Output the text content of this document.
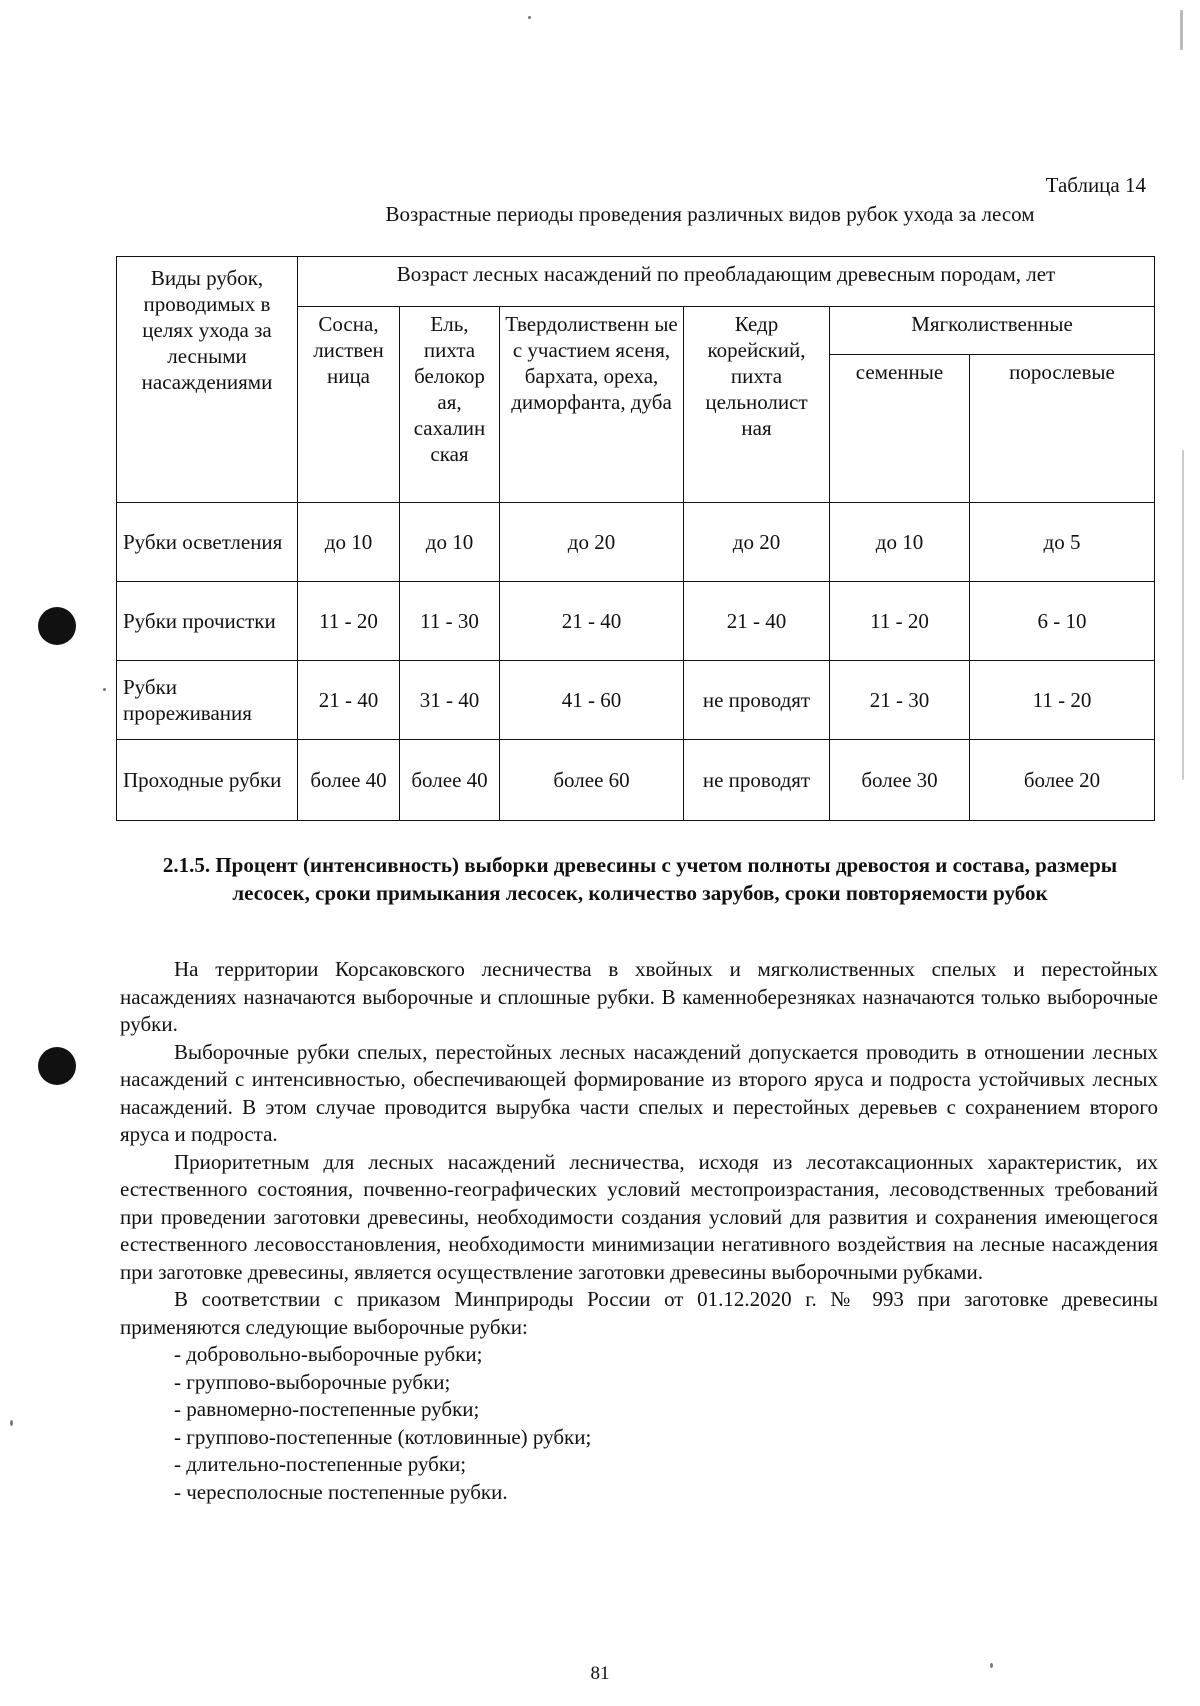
Таблица 14
Возрастные периоды проведения различных видов рубок ухода за лесом
Виды рубок, проводимых в целях ухода за лесными насаждениями	Возраст лесных насаждений по преобладающим древесным породам, лет					
	Сосна, листвен ница	Ель, пихта белокор ая, сахалин ская	Твердолиственн ые с участием ясеня, бархата, ореха, диморфанта, дуба	Кедр корейский, пихта цельнолист ная	Мягколиственные	
					семенные	порослевые
Рубки осветления	до 10	до 10	до 20	до 20	до 10	до 5
Рубки прочистки	11 - 20	11 - 30	21 - 40	21 - 40	11 - 20	6 - 10
Рубки прореживания	21 - 40	31 - 40	41 - 60	не проводят	21 - 30	11 - 20
Проходные рубки	более 40	более 40	более 60	не проводят	более 30	более 20
2.1.5. Процент (интенсивность) выборки древесины с учетом полноты древостоя и состава, размеры лесосек, сроки примыкания лесосек, количество зарубов, сроки повторяемости рубок

На территории Корсаковского лесничества в хвойных и мягколиственных спелых и перестойных насаждениях назначаются выборочные и сплошные рубки. В каменноберезняках назначаются только выборочные рубки.

Выборочные рубки спелых, перестойных лесных насаждений допускается проводить в отношении лесных насаждений с интенсивностью, обеспечивающей формирование из второго яруса и подроста устойчивых лесных насаждений. В этом случае проводится вырубка части спелых и перестойных деревьев с сохранением второго яруса и подроста.

Приоритетным для лесных насаждений лесничества, исходя из лесотаксационных характеристик, их естественного состояния, почвенно-географических условий местопроизрастания, лесоводственных требований при проведении заготовки древесины, необходимости создания условий для развития и сохранения имеющегося естественного лесовосстановления, необходимости минимизации негативного воздействия на лесные насаждения при заготовке древесины, является осуществление заготовки древесины выборочными рубками.

В соответствии с приказом Минприроды России от 01.12.2020 г. № 993 при заготовке древесины применяются следующие выборочные рубки:

- добровольно-выборочные рубки;
- группово-выборочные рубки;
- равномерно-постепенные рубки;
- группово-постепенные (котловинные) рубки;
- длительно-постепенные рубки;
- чересполосные постепенные рубки.
81
